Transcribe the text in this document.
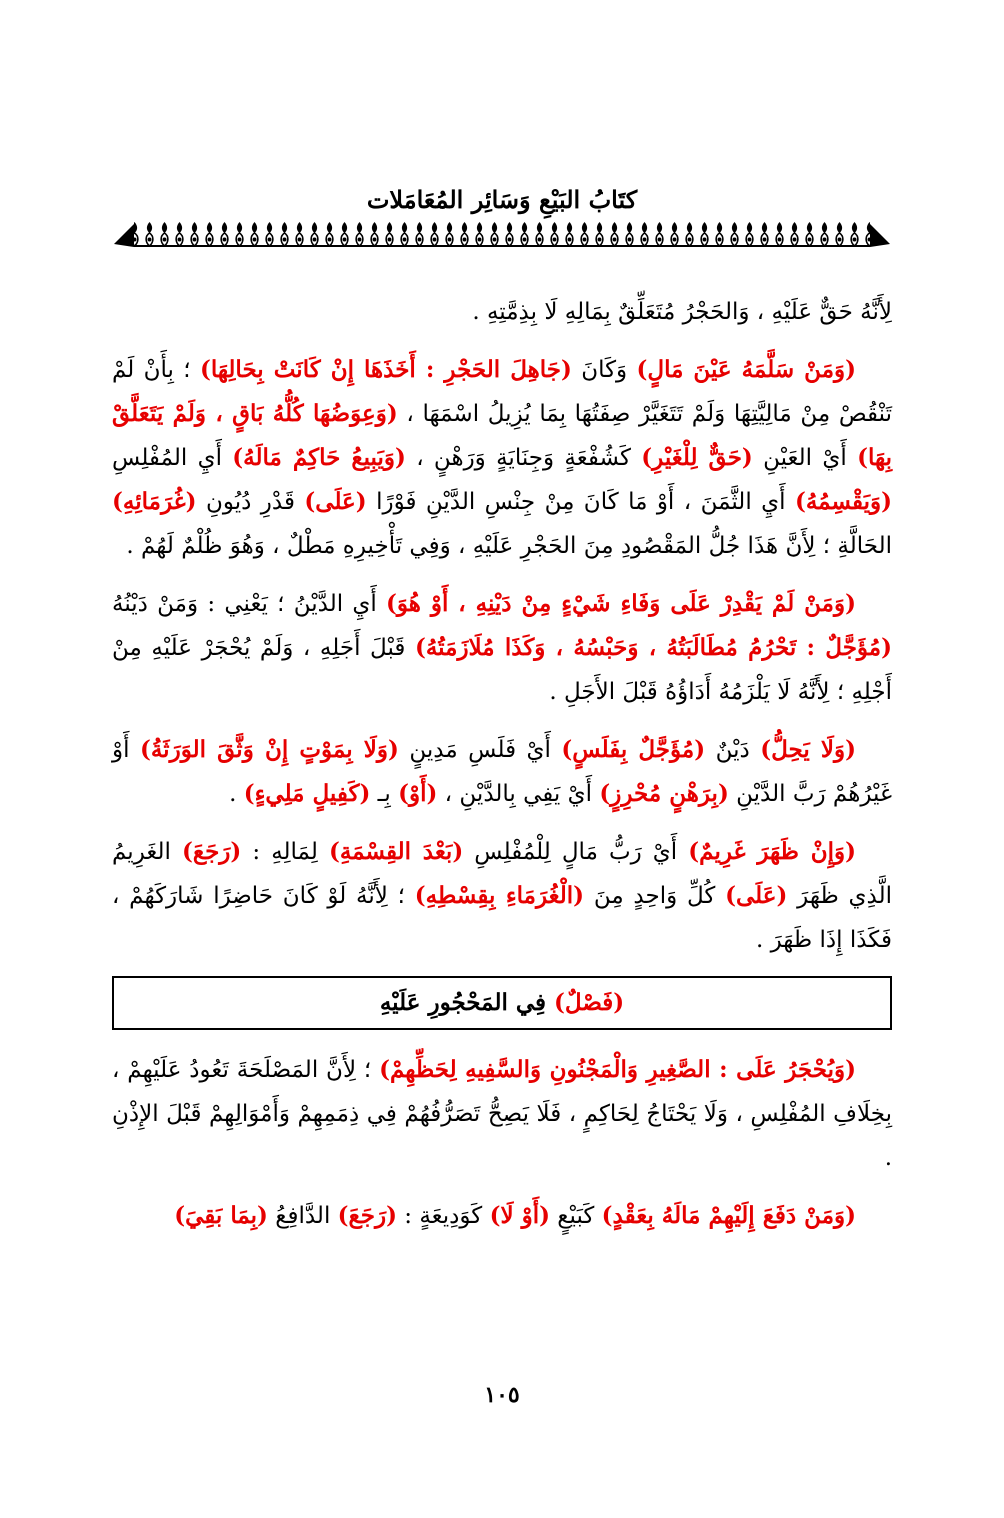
كتَابُ البَيْعِ وَسَائِر المُعَامَلات

لِأَنَّهُ حَقٌّ عَلَيْهِ ، وَالحَجْرُ مُتَعَلِّقٌ بِمَالِهِ لَا بِذِمَّتِهِ .

(وَمَنْ سَلَّمَهُ عَيْنَ مَالٍ) وَكَانَ (جَاهِلَ الحَجْرِ : أَخَذَهَا إِنْ كَانَتْ بِحَالِهَا) ؛ بِأَنْ لَمْ تَنْقُصْ مِنْ مَالِيَّتِهَا وَلَمْ تَتَغَيَّرْ صِفَتُهَا بِمَا يُزِيلُ اسْمَهَا ، (وَعِوَضُهَا كُلُّهُ بَاقٍ ، وَلَمْ يَتَعَلَّقْ بِهَا) أَيْ العَيْنِ (حَقٌّ لِلْغَيْرِ) كَشُفْعَةٍ وَجِنَايَةٍ وَرَهْنٍ ، (وَيَبِيعُ حَاكِمٌ مَالَهُ) أَيِ المُفْلِسِ (وَيَقْسِمُهُ) أَيِ الثَّمَنَ ، أَوْ مَا كَانَ مِنْ جِنْسِ الدَّيْنِ فَوْرًا (عَلَى) قَدْرِ دُيُونِ (غُرَمَائِهِ) الحَالَّةِ ؛ لِأَنَّ هَذَا جُلُّ المَقْصُودِ مِنَ الحَجْرِ عَلَيْهِ ، وَفِي تَأْخِيرِهِ مَطْلٌ ، وَهُوَ ظُلْمٌ لَهُمْ .

(وَمَنْ لَمْ يَقْدِرْ عَلَى وَفَاءِ شَيْءٍ مِنْ دَيْنِهِ ، أَوْ هُوَ) أَيِ الدَّيْنُ ؛ يَعْنِي : وَمَنْ دَيْنُهُ (مُؤَجَّلٌ : تَحْرُمُ مُطَالَبَتُهُ ، وَحَبْسُهُ ، وَكَذَا مُلَازَمَتُهُ) قَبْلَ أَجَلِهِ ، وَلَمْ يُحْجَرْ عَلَيْهِ مِنْ أَجْلِهِ ؛ لِأَنَّهُ لَا يَلْزَمُهُ أَدَاؤُهُ قَبْلَ الأَجَلِ .

(وَلَا يَحِلُّ) دَيْنٌ (مُؤَجَّلٌ بِفَلَسٍ) أَيْ فَلَسِ مَدِينٍ (وَلَا بِمَوْتٍ إِنْ وَثَّقَ الوَرَثَةُ) أَوْ غَيْرُهُمْ رَبَّ الدَّيْنِ (بِرَهْنٍ مُحْرِزٍ) أَيْ يَفِي بِالدَّيْنِ ، (أَوْ) بِـ (كَفِيلٍ مَلِيءٍ) .

(وَإِنْ ظَهَرَ غَرِيمٌ) أَيْ رَبُّ مَالٍ لِلْمُفْلِسِ (بَعْدَ القِسْمَةِ) لِمَالِهِ : (رَجَعَ) الغَرِيمُ الَّذِي ظَهَرَ (عَلَى) كُلِّ وَاحِدٍ مِنَ (الْغُرَمَاءِ بِقِسْطِهِ) ؛ لِأَنَّهُ لَوْ كَانَ حَاضِرًا شَارَكَهُمْ ، فَكَذَا إِذَا ظَهَرَ .

(فَصْلٌ) فِي المَحْجُورِ عَلَيْهِ

(وَيُحْجَرُ عَلَى : الصَّغِيرِ وَالْمَجْنُونِ وَالسَّفِيهِ لِحَظِّهِمْ) ؛ لِأَنَّ المَصْلَحَةَ تَعُودُ عَلَيْهِمْ ، بِخِلَافِ المُفْلِسِ ، وَلَا يَحْتَاجُ لِحَاكِمٍ ، فَلَا يَصِحُّ تَصَرُّفُهُمْ فِي ذِمَمِهِمْ وَأَمْوَالِهِمْ قَبْلَ الإِذْنِ .

(وَمَنْ دَفَعَ إِلَيْهِمْ مَالَهُ بِعَقْدٍ) كَبَيْعٍ (أَوْ لَا) كَوَدِيعَةٍ : (رَجَعَ) الدَّافِعُ (بِمَا بَقِيَ)

١٠٥
